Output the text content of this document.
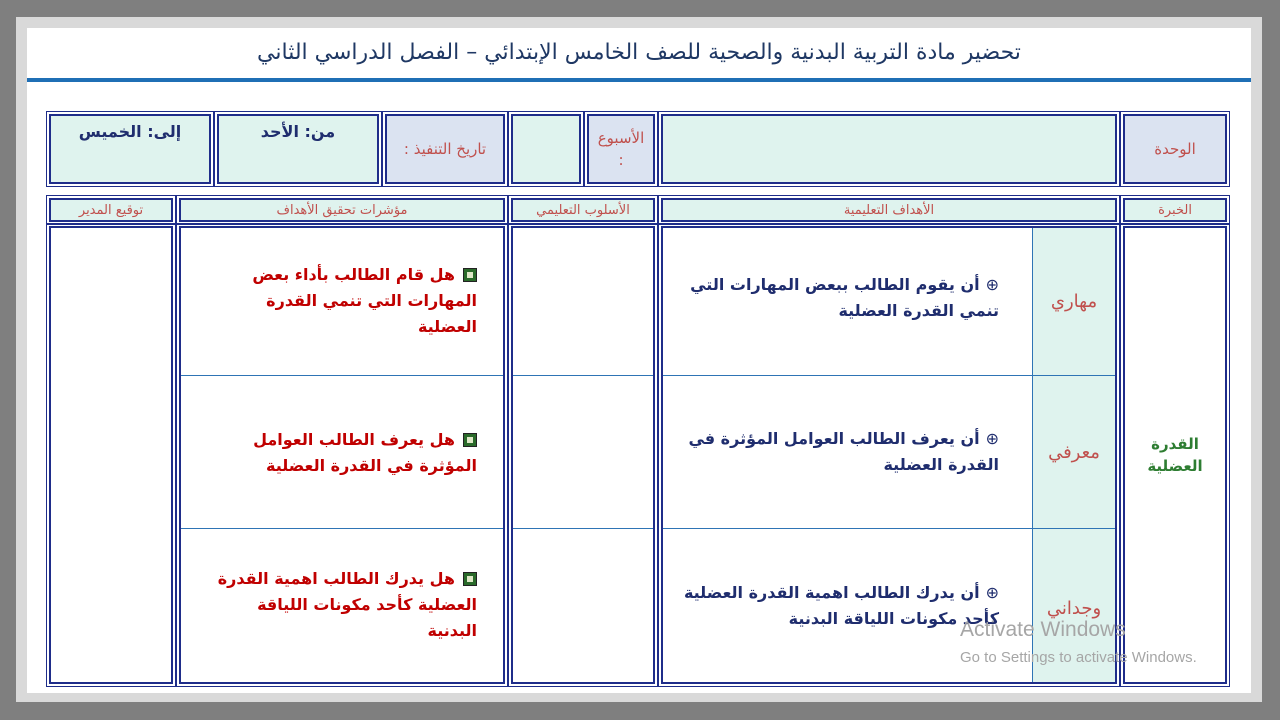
تحضير مادة التربية البدنية والصحية للصف الخامس الإبتدائي – الفصل الدراسي الثاني
الوحدة
الأسبوع :
تاريخ التنفيذ :
من: الأحد
إلى: الخميس
الخبرة
الأهداف التعليمية
الأسلوب التعليمي
مؤشرات تحقيق الأهداف
توقيع المدير
القدرة العضلية
مهاري
⊕أن يقوم الطالب ببعض المهارات التي تنمي القدرة العضلية
هل قام الطالب بأداء بعض المهارات التي تنمي القدرة العضلية
معرفي
⊕أن يعرف الطالب العوامل المؤثرة في القدرة العضلية
هل يعرف الطالب العوامل المؤثرة في القدرة العضلية
وجداني
⊕أن يدرك الطالب اهمية القدرة العضلية كأحد مكونات اللياقة البدنية
هل يدرك الطالب اهمية القدرة العضلية كأحد مكونات اللياقة البدنية	Activate Windows
Go to Settings to activate Windows.
